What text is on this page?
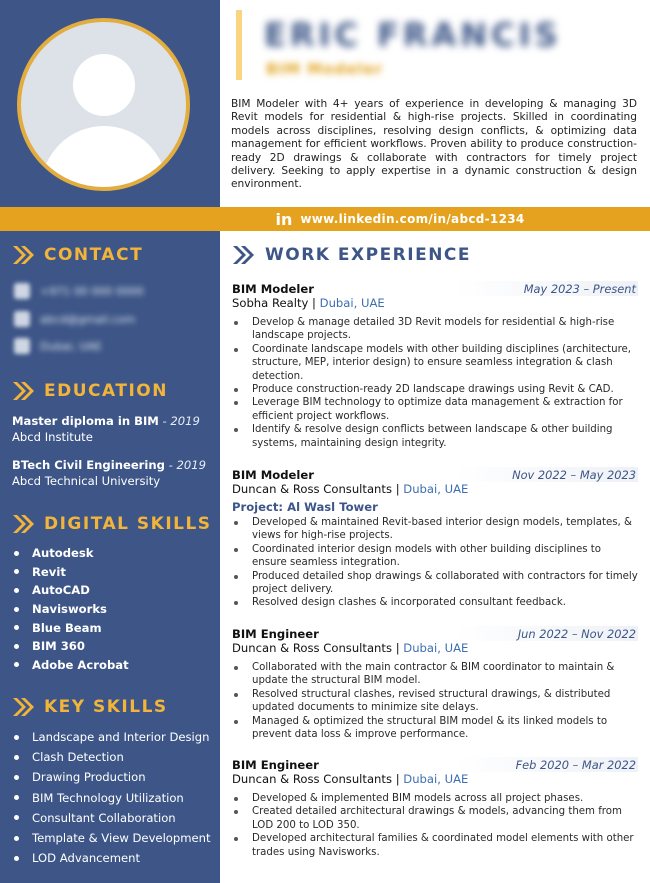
ERIC FRANCIS
BIM Modeler

BIM Modeler with 4+ years of experience in developing & managing 3D Revit models for residential & high-rise projects. Skilled in coordinating models across disciplines, resolving design conflicts, & optimizing data management for efficient workflows. Proven ability to produce construction-ready 2D drawings & collaborate with contractors for timely project delivery. Seeking to apply expertise in a dynamic construction & design environment.

in www.linkedin.com/in/abcd-1234
CONTACT
+971 00 000 0000
abcd@gmail.com
Dubai, UAE
EDUCATION
Master diploma in BIM - 2019
Abcd Institute
BTech Civil Engineering - 2019
Abcd Technical University
DIGITAL SKILLS
Autodesk
Revit
AutoCAD
Navisworks
Blue Beam
BIM 360
Adobe Acrobat
KEY SKILLS
Landscape and Interior Design
Clash Detection
Drawing Production
BIM Technology Utilization
Consultant Collaboration
Template & View Development
LOD Advancement
WORK EXPERIENCE
BIM Modeler	May 2023 – Present
Sobha Realty | Dubai, UAE
Develop & manage detailed 3D Revit models for residential & high-rise landscape projects.
Coordinate landscape models with other building disciplines (architecture, structure, MEP, interior design) to ensure seamless integration & clash detection.
Produce construction-ready 2D landscape drawings using Revit & CAD.
Leverage BIM technology to optimize data management & extraction for efficient project workflows.
Identify & resolve design conflicts between landscape & other building systems, maintaining design integrity.
BIM Modeler	Nov 2022 – May 2023
Duncan & Ross Consultants | Dubai, UAE
Project: Al Wasl Tower
Developed & maintained Revit-based interior design models, templates, & views for high-rise projects.
Coordinated interior design models with other building disciplines to ensure seamless integration.
Produced detailed shop drawings & collaborated with contractors for timely project delivery.
Resolved design clashes & incorporated consultant feedback.
BIM Engineer	Jun 2022 – Nov 2022
Duncan & Ross Consultants | Dubai, UAE
Collaborated with the main contractor & BIM coordinator to maintain & update the structural BIM model.
Resolved structural clashes, revised structural drawings, & distributed updated documents to minimize site delays.
Managed & optimized the structural BIM model & its linked models to prevent data loss & improve performance.
BIM Engineer	Feb 2020 – Mar 2022
Duncan & Ross Consultants | Dubai, UAE
Developed & implemented BIM models across all project phases.
Created detailed architectural drawings & models, advancing them from LOD 200 to LOD 350.
Developed architectural families & coordinated model elements with other trades using Navisworks.
